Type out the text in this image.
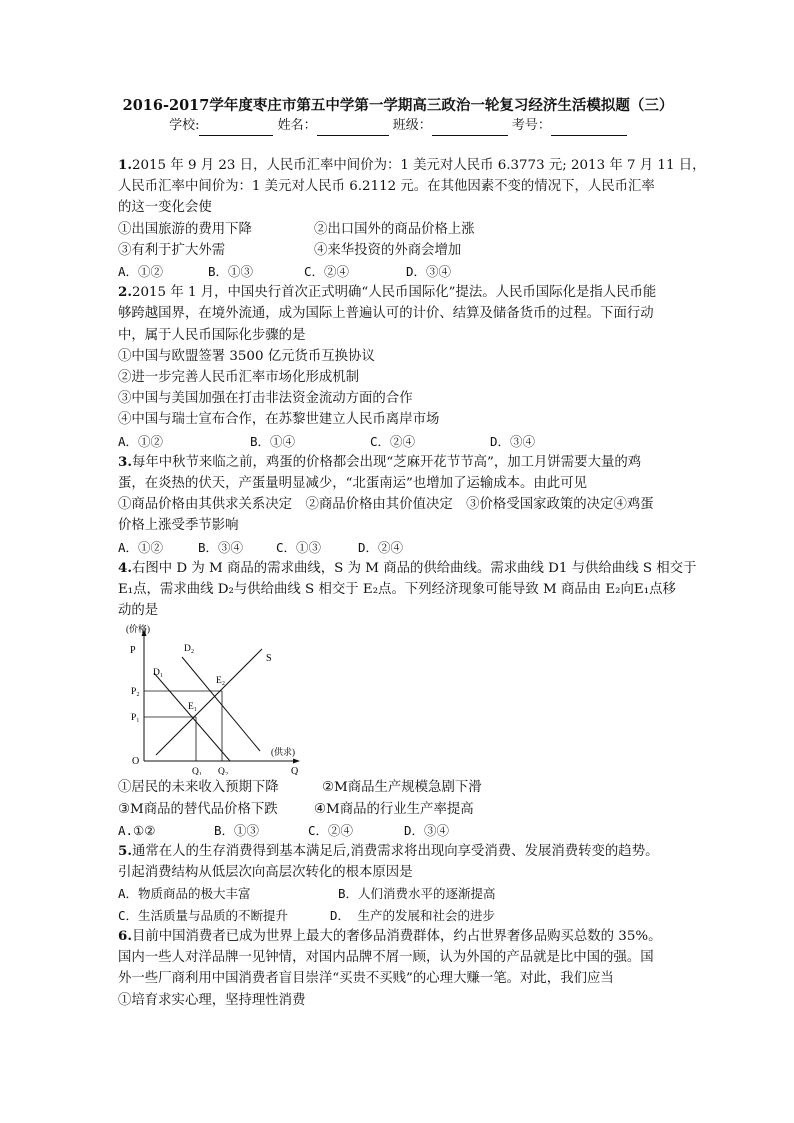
2016-2017学年度枣庄市第五中学第一学期高三政治一轮复习经济生活模拟题（三）
学校:	姓名：	班级：	考号：

1.2015 年 9 月 23 日，人民币汇率中间价为：1 美元对人民币 6.3773 元; 2013 年 7 月 11 日，

人民币汇率中间价为：1 美元对人民币 6.2112 元。在其他因素不变的情况下，人民币汇率

的这一变化会使

①出国旅游的费用下降	②出口国外的商品价格上涨

③有利于扩大外需	④来华投资的外商会增加

A．①②	B．①③	C．②④	D．③④

2.2015 年 1 月，中国央行首次正式明确“人民币国际化”提法。人民币国际化是指人民币能

够跨越国界，在境外流通，成为国际上普遍认可的计价、结算及储备货币的过程。下面行动

中，属于人民币国际化步骤的是

①中国与欧盟签署 3500 亿元货币互换协议

②进一步完善人民币汇率市场化形成机制

③中国与美国加强在打击非法资金流动方面的合作

④中国与瑞士宣布合作，在苏黎世建立人民币离岸市场

A．①②	B．①④	C．②④	D．③④

3.每年中秋节来临之前，鸡蛋的价格都会出现“芝麻开花节节高”，加工月饼需要大量的鸡

蛋，在炎热的伏天，产蛋量明显减少，“北蛋南运”也增加了运输成本。由此可见

①商品价格由其供求关系决定　②商品价格由其价值决定　③价格受国家政策的决定④鸡蛋

价格上涨受季节影响

A．①②	B．③④	C．①③	D．②④

4.右图中 D 为 M 商品的需求曲线，S 为 M 商品的供给曲线。需求曲线 D1 与供给曲线 S 相交于

E₁点，需求曲线 D₂与供给曲线 S 相交于 E₂点。下列经济现象可能导致 M 商品由 E₂向E₁点移

动的是

(价格)
P
P₂
P₁
O
D₁
D₂
S
E₂
E₁
(供求)
Q₁ Q₂	Q

①居民的未来收入预期下降	②M商品生产规模急剧下滑

③M商品的替代品价格下跌	④M商品的行业生产率提高

A.①②	B．①③	C．②④	D．③④

5.通常在人的生存消费得到基本满足后,消费需求将出现向享受消费、发展消费转变的趋势。

引起消费结构从低层次向高层次转化的根本原因是

A．物质商品的极大丰富	B．人们消费水平的逐渐提高

C．生活质量与品质的不断提升	D． 生产的发展和社会的进步

6.目前中国消费者已成为世界上最大的奢侈品消费群体，约占世界奢侈品购买总数的 35%。

国内一些人对洋品牌一见钟情，对国内品牌不屑一顾，认为外国的产品就是比中国的强。国

外一些厂商利用中国消费者盲目崇洋“买贵不买贱”的心理大赚一笔。对此，我们应当

①培育求实心理，坚持理性消费
